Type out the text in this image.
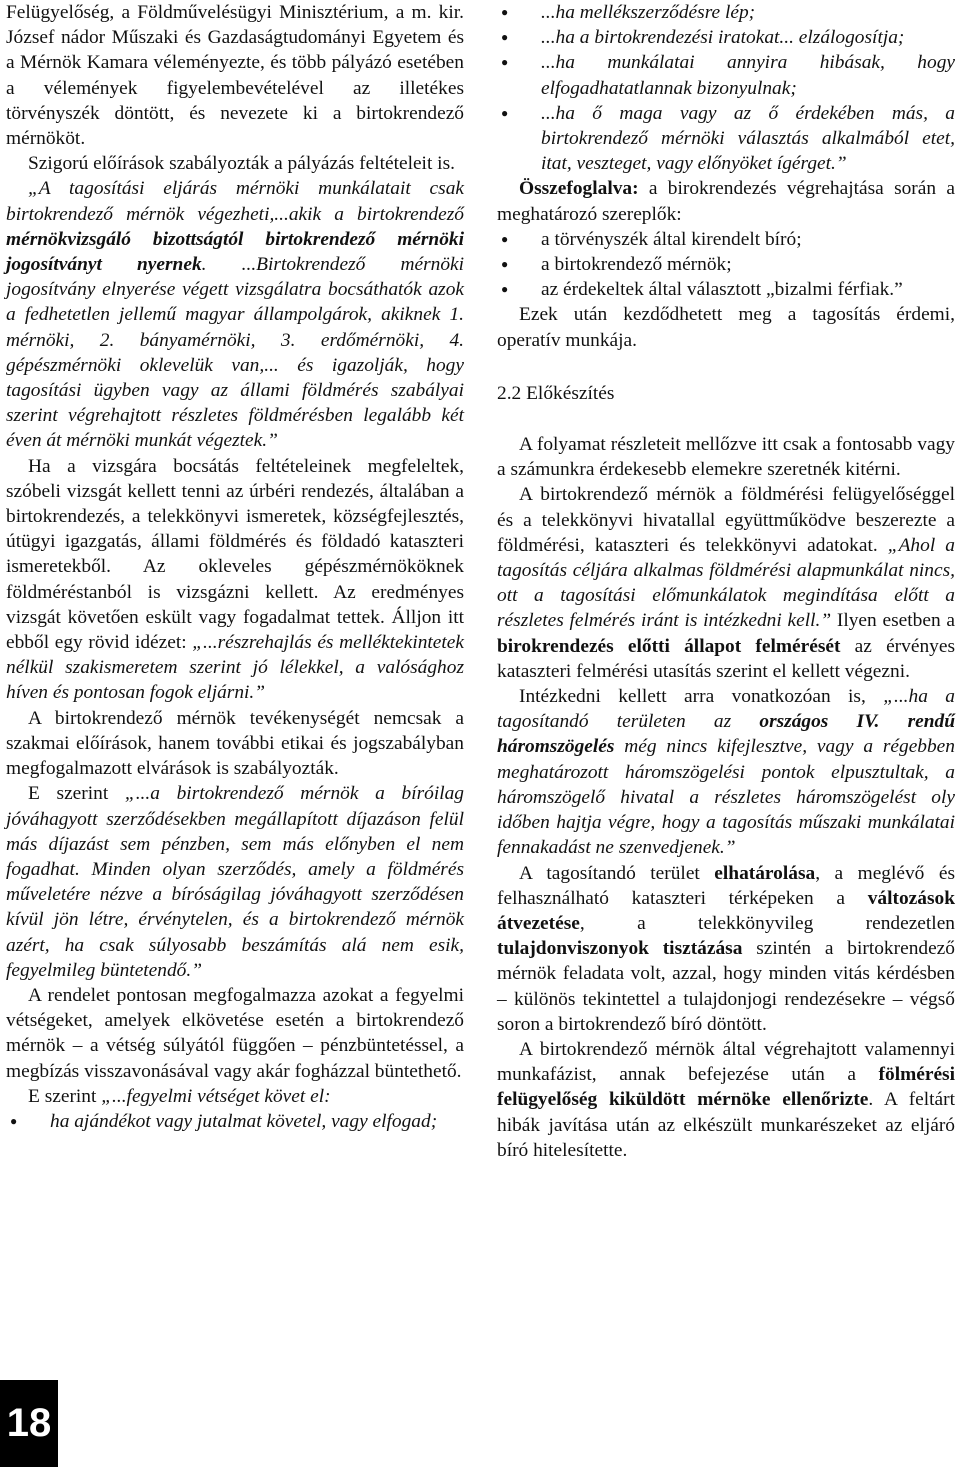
Felügyelőség, a Földművelésügyi Minisztérium, a m. kir. József nádor Műszaki és Gazdaságtudományi Egyetem és a Mérnök Kamara véleményezte, és több pályázó esetében a vélemények figyelembevételével az illetékes törvényszék döntött, és nevezete ki a birtokrendező mérnököt.

Szigorú előírások szabályozták a pályázás feltételeit is.

„A tagosítási eljárás mérnöki munkálatait csak birtokrendező mérnök végezheti,...akik a birtokrendező mérnökvizsgáló bizottságtól birtokrendező mérnöki jogosítványt nyernek. ...Birtokrendező mérnöki jogosítvány elnyerése végett vizsgálatra bocsáthatók azok a fedhetetlen jellemű magyar állampolgárok, akiknek 1. mérnöki, 2. bányamérnöki, 3. erdőmérnöki, 4. gépészmérnöki oklevelük van,... és igazolják, hogy tagosítási ügyben vagy az állami földmérés szabályai szerint végrehajtott részletes földmérésben legalább két éven át mérnöki munkát végeztek.”

Ha a vizsgára bocsátás feltételeinek megfeleltek, szóbeli vizsgát kellett tenni az úrbéri rendezés, általában a birtokrendezés, a telekkönyvi ismeretek, községfejlesztés, útügyi igazgatás, állami földmérés és földadó kataszteri ismeretekből. Az okleveles gépészmérnököknek földméréstanból is vizsgázni kellett. Az eredményes vizsgát követően eskült vagy fogadalmat tettek. Álljon itt ebből egy rövid idézet: „...részrehajlás és melléktekintetek nélkül szakismeretem szerint jó lélekkel, a valósághoz híven és pontosan fogok eljárni.”

A birtokrendező mérnök tevékenységét nemcsak a szakmai előírások, hanem további etikai és jogszabályban megfogalmazott elvárások is szabályozták.

E szerint „...a birtokrendező mérnök a bíróilag jóváhagyott szerződésekben megállapított díjazáson felül más díjazást sem pénzben, sem más előnyben el nem fogadhat. Minden olyan szerződés, amely a földmérés műveletére nézve a bíróságilag jóváhagyott szerződésen kívül jön létre, érvénytelen, és a birtokrendező mérnök azért, ha csak súlyosabb beszámítás alá nem esik, fegyelmileg büntetendő.”

A rendelet pontosan megfogalmazza azokat a fegyelmi vétségeket, amelyek elkövetése esetén a birtokrendező mérnök – a vétség súlyától függően – pénzbüntetéssel, a megbízás visszavonásával vagy akár fogházzal büntethető.

E szerint „...fegyelmi vétséget követ el:

● ha ajándékot vagy jutalmat követel, vagy elfogad;
● ...ha mellékszerződésre lép;
● ...ha a birtokrendezési iratokat... elzálogosítja;
● ...ha munkálatai annyira hibásak, hogy elfogadhatatlannak bizonyulnak;
● ...ha ő maga vagy az ő érdekében más, a birtokrendező mérnöki választás alkalmából etet, itat, veszteget, vagy előnyöket ígérget.”

Összefoglalva: a birokrendezés végrehajtása során a meghatározó szereplők:

● a törvényszék által kirendelt bíró;
● a birtokrendező mérnök;
● az érdekeltek által választott „bizalmi férfiak.”

Ezek után kezdődhetett meg a tagosítás érdemi, operatív munkája.

2.2 Előkészítés

A folyamat részleteit mellőzve itt csak a fontosabb vagy a számunkra érdekesebb elemekre szeretnék kitérni.

A birtokrendező mérnök a földmérési felügyelőséggel és a telekkönyvi hivatallal együttműködve beszerezte a földmérési, kataszteri és telekkönyvi adatokat. „Ahol a tagosítás céljára alkalmas földmérési alapmunkálat nincs, ott a tagosítási előmunkálatok megindítása előtt a részletes felmérés iránt is intézkedni kell.” Ilyen esetben a birokrendezés előtti állapot felmérését az érvényes kataszteri felmérési utasítás szerint el kellett végezni.

Intézkedni kellett arra vonatkozóan is, „...ha a tagosítandó területen az országos IV. rendű háromszögelés még nincs kifejlesztve, vagy a régebben meghatározott háromszögelési pontok elpusztultak, a háromszögelő hivatal a részletes háromszögelést oly időben hajtja végre, hogy a tagosítás műszaki munkálatai fennakadást ne szenvedjenek.”

A tagosítandó terület elhatárolása, a meglévő és felhasználható kataszteri térképeken a változások átvezetése, a telekkönyvileg rendezetlen tulajdonviszonyok tisztázása szintén a birtokrendező mérnök feladata volt, azzal, hogy minden vitás kérdésben – különös tekintettel a tulajdonjogi rendezésekre – végső soron a birtokrendező bíró döntött.

A birtokrendező mérnök által végrehajtott valamennyi munkafázist, annak befejezése után a fölmérési felügyelőség kiküldött mérnöke ellenőrizte. A feltárt hibák javítása után az elkészült munkarészeket az eljáró bíró hitelesítette.

18
